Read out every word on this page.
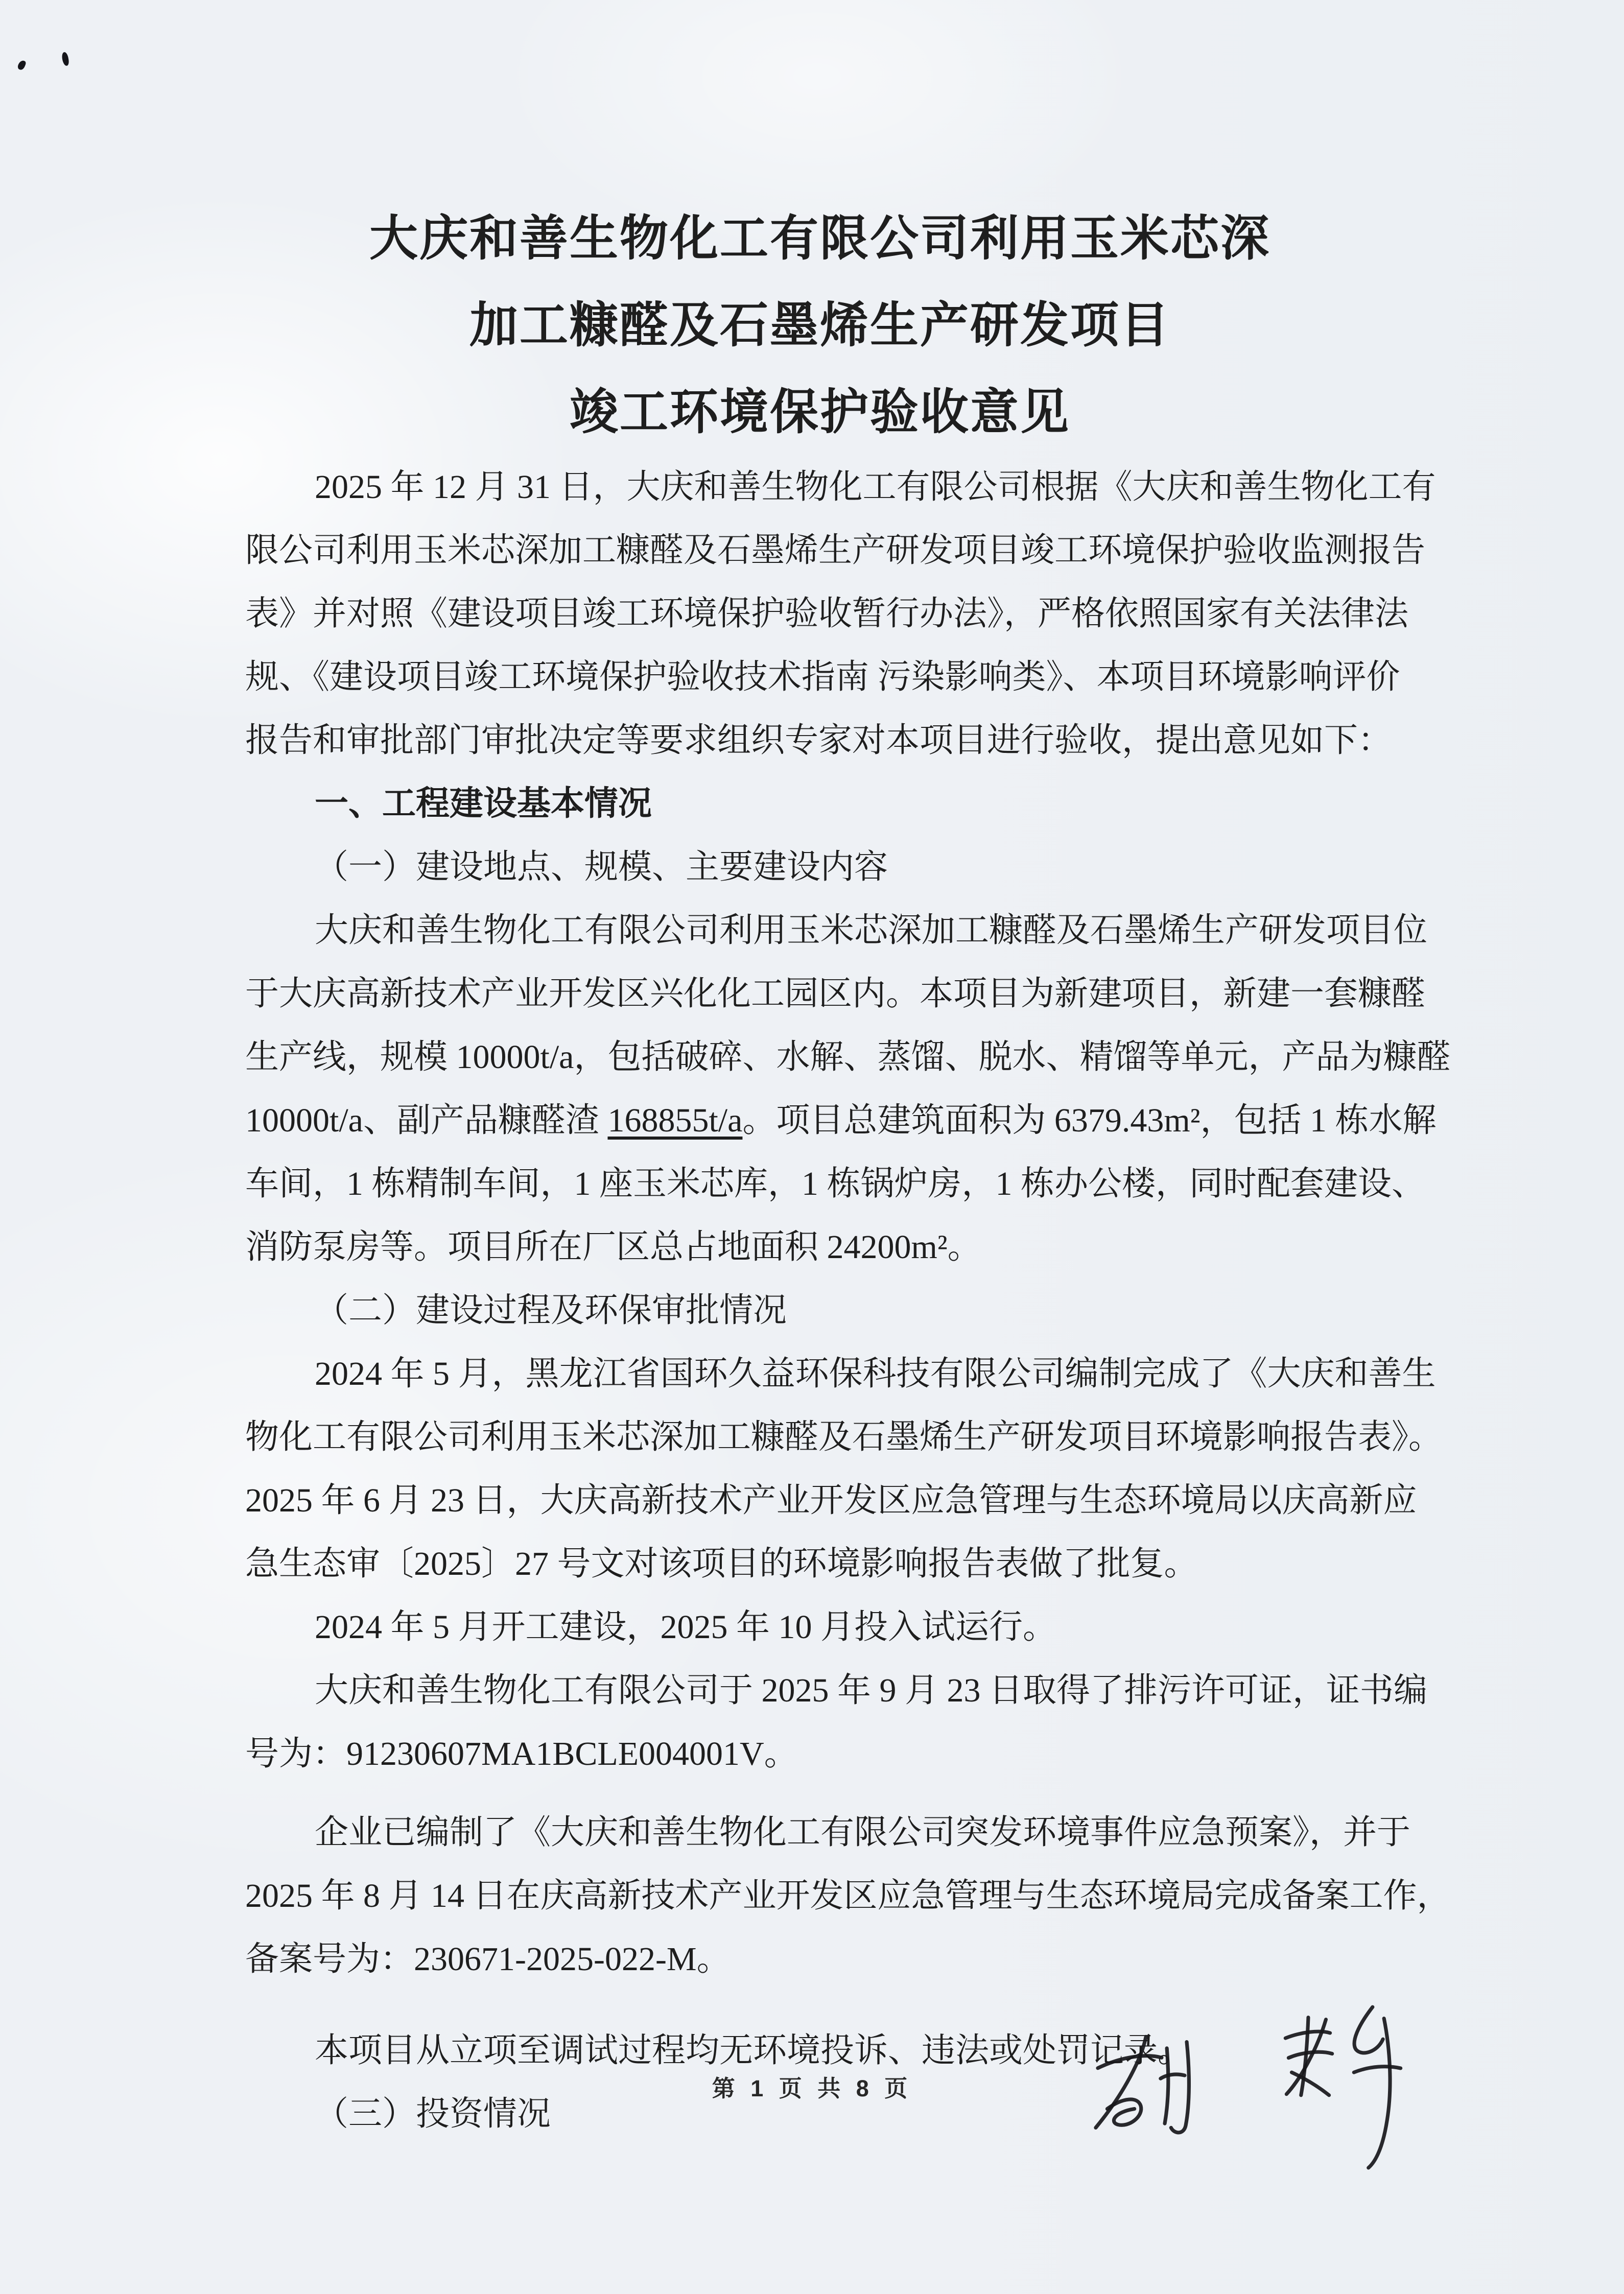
大庆和善生物化工有限公司利用玉米芯深
加工糠醛及石墨烯生产研发项目
竣工环境保护验收意见
2025 年 12 月 31 日，大庆和善生物化工有限公司根据《大庆和善生物化工有
限公司利用玉米芯深加工糠醛及石墨烯生产研发项目竣工环境保护验收监测报告
表》并对照《建设项目竣工环境保护验收暂行办法》，严格依照国家有关法律法
规、《建设项目竣工环境保护验收技术指南 污染影响类》、本项目环境影响评价
报告和审批部门审批决定等要求组织专家对本项目进行验收，提出意见如下：
一、工程建设基本情况
（一）建设地点、规模、主要建设内容
大庆和善生物化工有限公司利用玉米芯深加工糠醛及石墨烯生产研发项目位
于大庆高新技术产业开发区兴化化工园区内。本项目为新建项目，新建一套糠醛
生产线，规模 10000t/a，包括破碎、水解、蒸馏、脱水、精馏等单元，产品为糠醛
10000t/a、副产品糠醛渣 168855t/a。项目总建筑面积为 6379.43m²，包括 1 栋水解
车间，1 栋精制车间，1 座玉米芯库，1 栋锅炉房，1 栋办公楼，同时配套建设、
消防泵房等。项目所在厂区总占地面积 24200m²。
（二）建设过程及环保审批情况
2024 年 5 月，黑龙江省国环久益环保科技有限公司编制完成了《大庆和善生
物化工有限公司利用玉米芯深加工糠醛及石墨烯生产研发项目环境影响报告表》。
2025 年 6 月 23 日，大庆高新技术产业开发区应急管理与生态环境局以庆高新应
急生态审〔2025〕27 号文对该项目的环境影响报告表做了批复。
2024 年 5 月开工建设，2025 年 10 月投入试运行。
大庆和善生物化工有限公司于 2025 年 9 月 23 日取得了排污许可证，证书编
号为：91230607MA1BCLE004001V。
企业已编制了《大庆和善生物化工有限公司突发环境事件应急预案》，并于
2025 年 8 月 14 日在庆高新技术产业开发区应急管理与生态环境局完成备案工作，
备案号为：230671-2025-022-M。
本项目从立项至调试过程均无环境投诉、违法或处罚记录。
（三）投资情况
第 1 页 共 8 页
